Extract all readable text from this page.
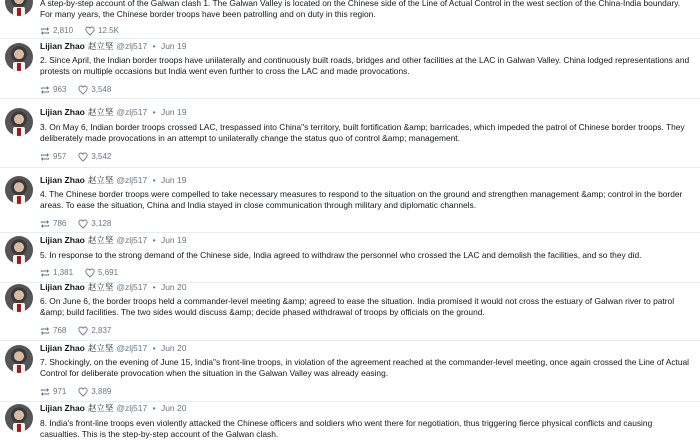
A step-by-step account of the Galwan clash 1. The Galwan Valley is located on the Chinese side of the Line of Actual Control in the west section of the China-India boundary. For many years, the Chinese border troops have been patrolling and on duty in this region.
2,810	12.5K
Lijian Zhao 赵立坚 @zlj517 • Jun 19
2. Since April, the Indian border troops have unilaterally and continuously built roads, bridges and other facilities at the LAC in Galwan Valley. China lodged representations and protests on multiple occasions but India went even further to cross the LAC and made provocations.
963	3,548
Lijian Zhao 赵立坚 @zlj517 • Jun 19
3. On May 6, Indian border troops crossed LAC, trespassed into China"s territory, built fortification &amp; barricades, which impeded the patrol of Chinese border troops. They deliberately made provocations in an attempt to unilaterally change the status quo of control &amp; management.
957	3,542
Lijian Zhao 赵立坚 @zlj517 • Jun 19
4. The Chinese border troops were compelled to take necessary measures to respond to the situation on the ground and strengthen management &amp; control in the border areas. To ease the situation, China and India stayed in close communication through military and diplomatic channels.
786	3,128
Lijian Zhao 赵立坚 @zlj517 • Jun 19
5. In response to the strong demand of the Chinese side, India agreed to withdraw the personnel who crossed the LAC and demolish the facilities, and so they did.
1,381	5,691
Lijian Zhao 赵立坚 @zlj517 • Jun 20
6. On June 6, the border troops held a commander-level meeting &amp; agreed to ease the situation. India promised it would not cross the estuary of Galwan river to patrol &amp; build facilities. The two sides would discuss &amp; decide phased withdrawal of troops by officials on the ground.
768	2,837
Lijian Zhao 赵立坚 @zlj517 • Jun 20
7. Shockingly, on the evening of June 15, India"s front-line troops, in violation of the agreement reached at the commander-level meeting, once again crossed the Line of Actual Control for deliberate provocation when the situation in the Galwan Valley was already easing.
971	3,889
Lijian Zhao 赵立坚 @zlj517 • Jun 20
8. India's front-line troops even violently attacked the Chinese officers and soldiers who went there for negotiation, thus triggering fierce physical conflicts and causing casualties. This is the step-by-step account of the Galwan clash.
